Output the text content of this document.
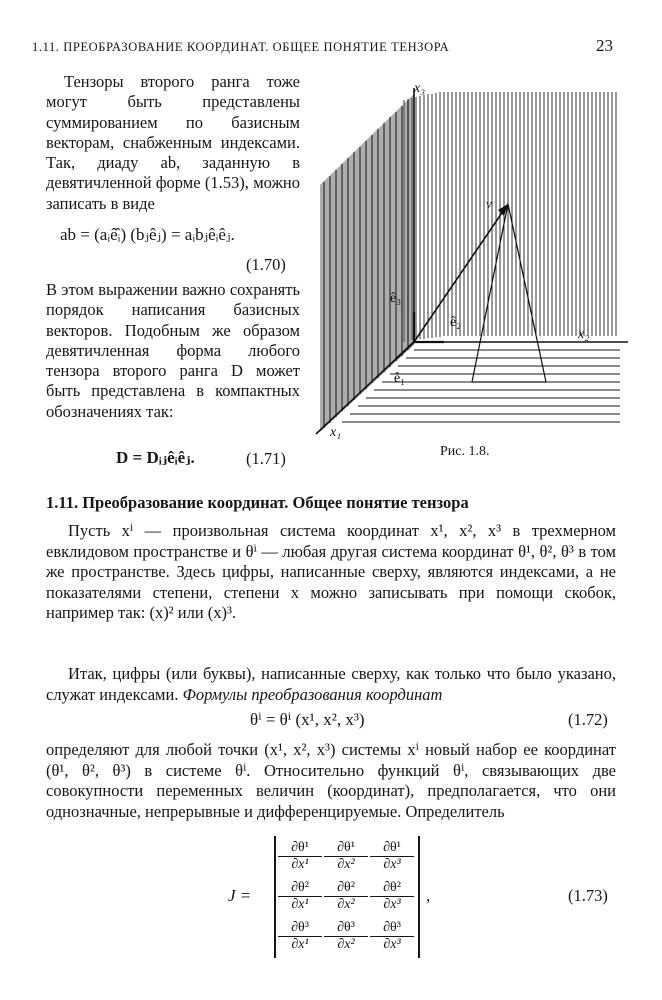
1.11. ПРЕОБРАЗОВАНИЕ КООРДИНАТ. ОБЩЕЕ ПОНЯТИЕ ТЕНЗОРА	23

Тензоры второго ранга тоже могут быть представлены суммированием по базисным векторам, снабженным индексами. Так, диаду ab, заданную в девятичленной форме (1.53), можно записать в виде

ab = (aᵢê̂ᵢ) (bⱼêⱼ) = aᵢbⱼêᵢêⱼ.
(1.70)

В этом выражении важно сохранять порядок написания базисных векторов. Подобным же образом девятичленная форма любого тензора второго ранга D может быть представлена в компактных обозначениях так:

D = Dᵢⱼêᵢêⱼ.	(1.71)
x₃
x₂
x₁
ê₃
ê₂
ê₁
v
Рис. 1.8.
1.11. Преобразование координат. Общее понятие тензора

Пусть xⁱ — произвольная система координат x¹, x², x³ в трехмерном евклидовом пространстве и θⁱ — любая другая система координат θ¹, θ², θ³ в том же пространстве. Здесь цифры, написанные сверху, являются индексами, а не показателями степени, степени x можно записывать при помощи скобок, например так: (x)² или (x)³.

Итак, цифры (или буквы), написанные сверху, как только что было указано, служат индексами. Формулы преобразования координат

θⁱ = θⁱ (x¹, x², x³)	(1.72)

определяют для любой точки (x¹, x², x³) системы xⁱ новый набор ее координат (θ¹, θ², θ³) в системе θⁱ. Относительно функций θⁱ, связывающих две совокупности переменных величин (координат), предполагается, что они однозначные, непрерывные и дифференцируемые. Определитель

J =	,
$\frac{\text{∂θ¹}}{\text{∂x¹}} \frac{\text{∂θ¹}}{\text{∂x²}} \frac{\text{∂θ¹}}{\text{∂x³}}$
$\frac{\text{∂θ²}}{\text{∂x¹}} \frac{\text{∂θ²}}{\text{∂x²}} \frac{\text{∂θ²}}{\text{∂x³}}$
$\frac{\text{∂θ³}}{\text{∂x¹}} \frac{\text{∂θ³}}{\text{∂x²}} \frac{\text{∂θ³}}{\text{∂x³}}$
(1.73)
